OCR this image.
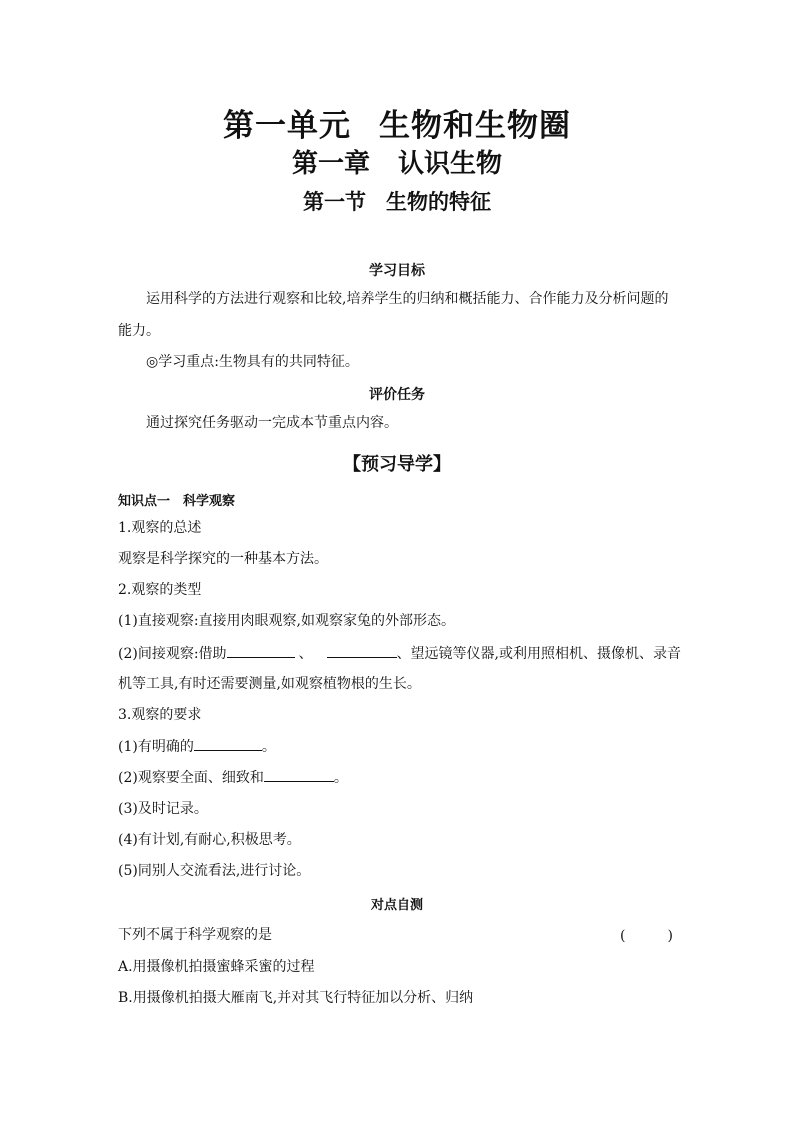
第一单元 生物和生物圈
第一章 认识生物
第一节 生物的特征
学习目标
运用科学的方法进行观察和比较,培养学生的归纳和概括能力、合作能力及分析问题的
能力。
◎学习重点:生物具有的共同特征。
评价任务
通过探究任务驱动一完成本节重点内容。
【预习导学】
知识点一　科学观察
1.观察的总述
观察是科学探究的一种基本方法。
2.观察的类型
(1)直接观察:直接用肉眼观察,如观察家兔的外部形态。
(2)间接观察:借助	、	、望远镜等仪器,或利用照相机、摄像机、录音
机等工具,有时还需要测量,如观察植物根的生长。
3.观察的要求
(1)有明确的	。
(2)观察要全面、细致和	。
(3)及时记录。
(4)有计划,有耐心,积极思考。
(5)同别人交流看法,进行讨论。
对点自测
下列不属于科学观察的是	(　　　)
A.用摄像机拍摄蜜蜂采蜜的过程
B.用摄像机拍摄大雁南飞,并对其飞行特征加以分析、归纳
